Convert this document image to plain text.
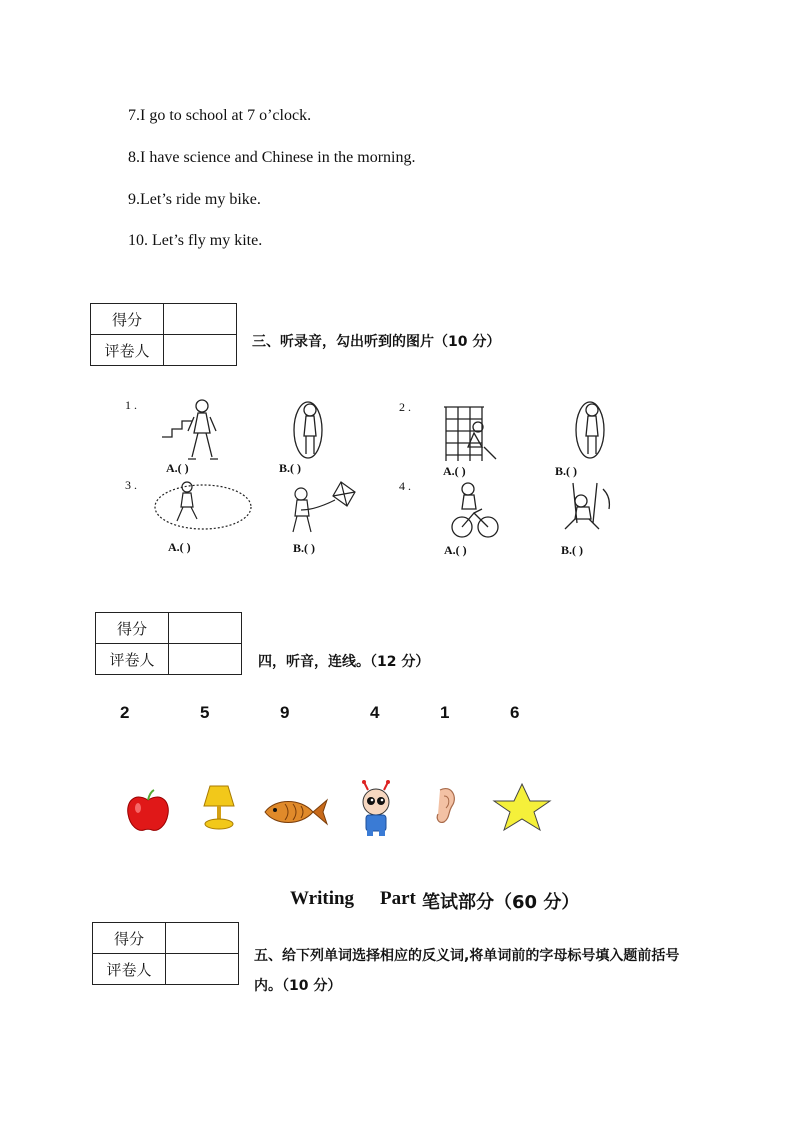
7.I go to school at 7 o’clock.
8.I have science and Chinese in the morning.
9.Let’s ride my bike.
10. Let’s fly my kite.
得分	
评卷人		三、听录音，勾出听到的图片（10 分）
1 .
A.( )	B.( )
2 .
A.( )	B.( )
3 .
A.( )	B.( )
4 .
A.( )	B.( )
得分	
评卷人		四，听音，连线。（12 分）
2	5	9	4	1	6
Writing Part 笔试部分（60 分）
得分	
评卷人	
五、给下列单词选择相应的反义词,将单词前的字母标号填入题前括号内。（10 分）
